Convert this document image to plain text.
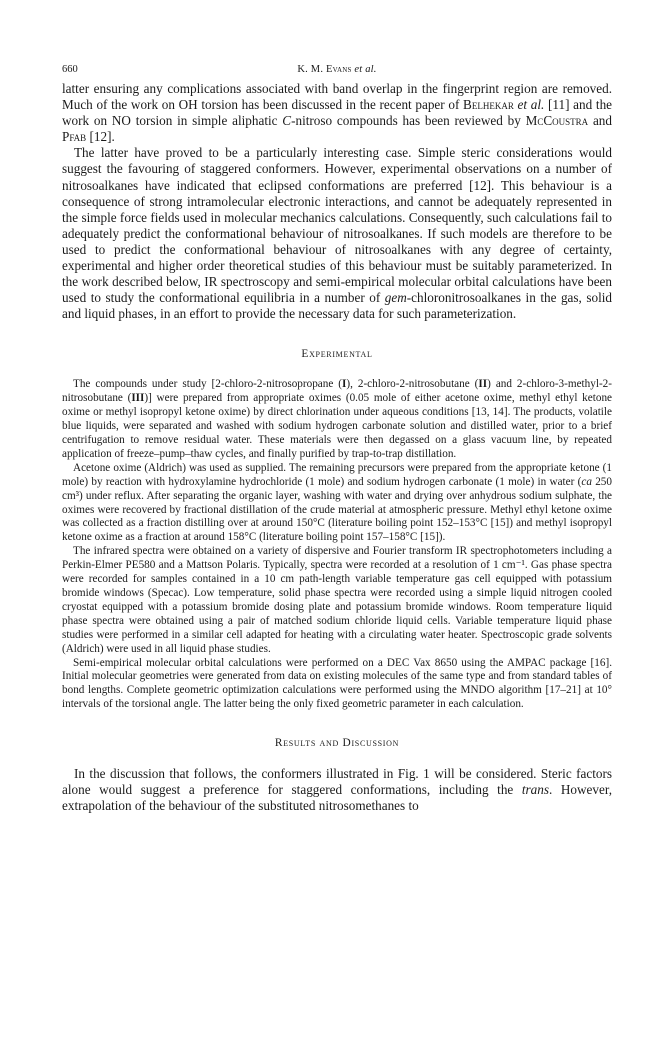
660	K. M. Evans et al.

latter ensuring any complications associated with band overlap in the fingerprint region are removed. Much of the work on OH torsion has been discussed in the recent paper of Belhekar et al. [11] and the work on NO torsion in simple aliphatic C-nitroso compounds has been reviewed by McCoustra and Pfab [12].

The latter have proved to be a particularly interesting case. Simple steric considerations would suggest the favouring of staggered conformers. However, experimental observations on a number of nitrosoalkanes have indicated that eclipsed conformations are preferred [12]. This behaviour is a consequence of strong intramolecular electronic interactions, and cannot be adequately represented in the simple force fields used in molecular mechanics calculations. Consequently, such calculations fail to adequately predict the conformational behaviour of nitrosoalkanes. If such models are therefore to be used to predict the conformational behaviour of nitrosoalkanes with any degree of certainty, experimental and higher order theoretical studies of this behaviour must be suitably parameterized. In the work described below, IR spectroscopy and semi-empirical molecular orbital calculations have been used to study the conformational equilibria in a number of gem-chloronitrosoalkanes in the gas, solid and liquid phases, in an effort to provide the necessary data for such parameterization.

Experimental

The compounds under study [2-chloro-2-nitrosopropane (I), 2-chloro-2-nitrosobutane (II) and 2-chloro-3-methyl-2-nitrosobutane (III)] were prepared from appropriate oximes (0.05 mole of either acetone oxime, methyl ethyl ketone oxime or methyl isopropyl ketone oxime) by direct chlorination under aqueous conditions [13, 14]. The products, volatile blue liquids, were separated and washed with sodium hydrogen carbonate solution and distilled water, prior to a brief centrifugation to remove residual water. These materials were then degassed on a glass vacuum line, by repeated application of freeze–pump–thaw cycles, and finally purified by trap-to-trap distillation.

Acetone oxime (Aldrich) was used as supplied. The remaining precursors were prepared from the appropriate ketone (1 mole) by reaction with hydroxylamine hydrochloride (1 mole) and sodium hydrogen carbonate (1 mole) in water (ca 250 cm³) under reflux. After separating the organic layer, washing with water and drying over anhydrous sodium sulphate, the oximes were recovered by fractional distillation of the crude material at atmospheric pressure. Methyl ethyl ketone oxime was collected as a fraction distilling over at around 150°C (literature boiling point 152–153°C [15]) and methyl isopropyl ketone oxime as a fraction at around 158°C (literature boiling point 157–158°C [15]).

The infrared spectra were obtained on a variety of dispersive and Fourier transform IR spectrophotometers including a Perkin-Elmer PE580 and a Mattson Polaris. Typically, spectra were recorded at a resolution of 1 cm⁻¹. Gas phase spectra were recorded for samples contained in a 10 cm path-length variable temperature gas cell equipped with potassium bromide windows (Specac). Low temperature, solid phase spectra were recorded using a simple liquid nitrogen cooled cryostat equipped with a potassium bromide dosing plate and potassium bromide windows. Room temperature liquid phase spectra were obtained using a pair of matched sodium chloride liquid cells. Variable temperature liquid phase studies were performed in a similar cell adapted for heating with a circulating water heater. Spectroscopic grade solvents (Aldrich) were used in all liquid phase studies.

Semi-empirical molecular orbital calculations were performed on a DEC Vax 8650 using the AMPAC package [16]. Initial molecular geometries were generated from data on existing molecules of the same type and from standard tables of bond lengths. Complete geometric optimization calculations were performed using the MNDO algorithm [17–21] at 10° intervals of the torsional angle. The latter being the only fixed geometric parameter in each calculation.

Results and Discussion

In the discussion that follows, the conformers illustrated in Fig. 1 will be considered. Steric factors alone would suggest a preference for staggered conformations, including the trans. However, extrapolation of the behaviour of the substituted nitrosomethanes to
